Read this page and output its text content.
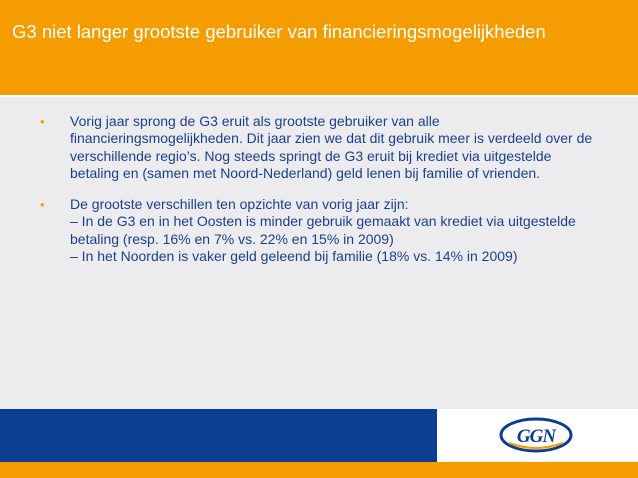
G3 niet langer grootste gebruiker van financieringsmogelijkheden
• Vorig jaar sprong de G3 eruit als grootste gebruiker van alle financieringsmogelijkheden. Dit jaar zien we dat dit gebruik meer is verdeeld over de verschillende regio’s. Nog steeds springt de G3 eruit bij krediet via uitgestelde betaling en (samen met Noord-Nederland) geld lenen bij familie of vrienden.
• De grootste verschillen ten opzichte van vorig jaar zijn:
– In de G3 en in het Oosten is minder gebruik gemaakt van krediet via uitgestelde betaling (resp. 16% en 7% vs. 22% en 15% in 2009)
– In het Noorden is vaker geld geleend bij familie (18% vs. 14% in 2009)
GGN
